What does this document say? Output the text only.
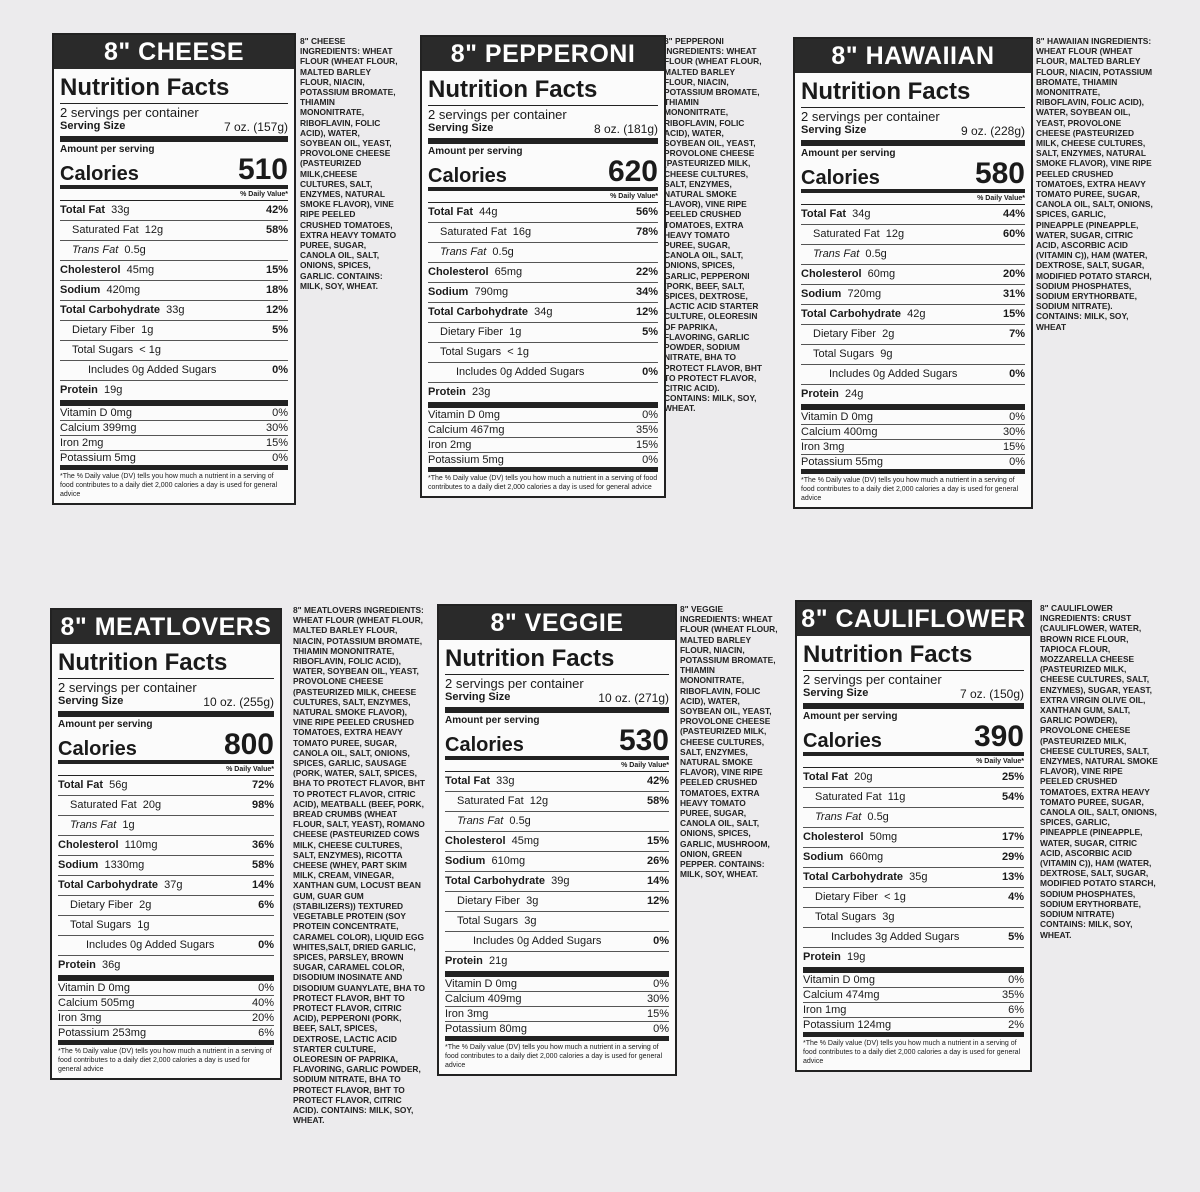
8" CHEESE
Nutrition Facts
2 servings per container
Serving Size	7 oz. (157g)
Amount per serving
Calories	510
% Daily Value*
Total Fat 33g	42%
Saturated Fat 12g	58%
Trans Fat 0.5g
Cholesterol 45mg	15%
Sodium 420mg	18%
Total Carbohydrate 33g	12%
Dietary Fiber 1g	5%
Total Sugars < 1g
Includes 0g Added Sugars	0%
Protein 19g
Vitamin D 0mg	0%
Calcium 399mg	30%
Iron 2mg	15%
Potassium 5mg	0%
*The % Daily value (DV) tells you how much a nutrient in a serving of food contributes to a daily diet 2,000 calories a day is used for general advice
8" CHEESE INGREDIENTS: WHEAT FLOUR (WHEAT FLOUR, MALTED BARLEY FLOUR, NIACIN, POTASSIUM BROMATE, THIAMIN MONONITRATE, RIBOFLAVIN, FOLIC ACID), WATER, SOYBEAN OIL, YEAST, PROVOLONE CHEESE (PASTEURIZED MILK,CHEESE CULTURES, SALT, ENZYMES, NATURAL SMOKE FLAVOR), VINE RIPE PEELED CRUSHED TOMATOES, EXTRA HEAVY TOMATO PUREE, SUGAR, CANOLA OIL, SALT, ONIONS, SPICES, GARLIC. CONTAINS: MILK, SOY, WHEAT.
8" PEPPERONI
Nutrition Facts
2 servings per container
Serving Size	8 oz. (181g)
Amount per serving
Calories	620
% Daily Value*
Total Fat 44g	56%
Saturated Fat 16g	78%
Trans Fat 0.5g
Cholesterol 65mg	22%
Sodium 790mg	34%
Total Carbohydrate 34g	12%
Dietary Fiber 1g	5%
Total Sugars < 1g
Includes 0g Added Sugars	0%
Protein 23g
Vitamin D 0mg	0%
Calcium 467mg	35%
Iron 2mg	15%
Potassium 5mg	0%
*The % Daily value (DV) tells you how much a nutrient in a serving of food contributes to a daily diet 2,000 calories a day is used for general advice
8" PEPPERONI INGREDIENTS: WHEAT FLOUR (WHEAT FLOUR, MALTED BARLEY FLOUR, NIACIN, POTASSIUM BROMATE, THIAMIN MONONITRATE, RIBOFLAVIN, FOLIC ACID), WATER, SOYBEAN OIL, YEAST, PROVOLONE CHEESE (PASTEURIZED MILK, CHEESE CULTURES, SALT, ENZYMES, NATURAL SMOKE FLAVOR), VINE RIPE PEELED CRUSHED TOMATOES, EXTRA HEAVY TOMATO PUREE, SUGAR, CANOLA OIL, SALT, ONIONS, SPICES, GARLIC, PEPPERONI (PORK, BEEF, SALT, SPICES, DEXTROSE, LACTIC ACID STARTER CULTURE, OLEORESIN OF PAPRIKA, FLAVORING, GARLIC POWDER, SODIUM NITRATE, BHA TO PROTECT FLAVOR, BHT TO PROTECT FLAVOR, CITRIC ACID). CONTAINS: MILK, SOY, WHEAT.
8" HAWAIIAN
Nutrition Facts
2 servings per container
Serving Size	9 oz. (228g)
Amount per serving
Calories	580
% Daily Value*
Total Fat 34g	44%
Saturated Fat 12g	60%
Trans Fat 0.5g
Cholesterol 60mg	20%
Sodium 720mg	31%
Total Carbohydrate 42g	15%
Dietary Fiber 2g	7%
Total Sugars 9g
Includes 0g Added Sugars	0%
Protein 24g
Vitamin D 0mg	0%
Calcium 400mg	30%
Iron 3mg	15%
Potassium 55mg	0%
*The % Daily value (DV) tells you how much a nutrient in a serving of food contributes to a daily diet 2,000 calories a day is used for general advice
8" HAWAIIAN INGREDIENTS: WHEAT FLOUR (WHEAT FLOUR, MALTED BARLEY FLOUR, NIACIN, POTASSIUM BROMATE, THIAMIN MONONITRATE, RIBOFLAVIN, FOLIC ACID), WATER, SOYBEAN OIL, YEAST, PROVOLONE CHEESE (PASTEURIZED MILK, CHEESE CULTURES, SALT, ENZYMES, NATURAL SMOKE FLAVOR), VINE RIPE PEELED CRUSHED TOMATOES, EXTRA HEAVY TOMATO PUREE, SUGAR, CANOLA OIL, SALT, ONIONS, SPICES, GARLIC, PINEAPPLE (PINEAPPLE, WATER, SUGAR, CITRIC ACID, ASCORBIC ACID (VITAMIN C)), HAM (WATER, DEXTROSE, SALT, SUGAR, MODIFIED POTATO STARCH, SODIUM PHOSPHATES, SODIUM ERYTHORBATE, SODIUM NITRATE). CONTAINS: MILK, SOY, WHEAT
8" MEATLOVERS
Nutrition Facts
2 servings per container
Serving Size	10 oz. (255g)
Amount per serving
Calories	800
% Daily Value*
Total Fat 56g	72%
Saturated Fat 20g	98%
Trans Fat 1g
Cholesterol 110mg	36%
Sodium 1330mg	58%
Total Carbohydrate 37g	14%
Dietary Fiber 2g	6%
Total Sugars 1g
Includes 0g Added Sugars	0%
Protein 36g
Vitamin D 0mg	0%
Calcium 505mg	40%
Iron 3mg	20%
Potassium 253mg	6%
*The % Daily value (DV) tells you how much a nutrient in a serving of food contributes to a daily diet 2,000 calories a day is used for general advice
8" MEATLOVERS INGREDIENTS: WHEAT FLOUR (WHEAT FLOUR, MALTED BARLEY FLOUR, NIACIN, POTASSIUM BROMATE, THIAMIN MONONITRATE, RIBOFLAVIN, FOLIC ACID), WATER, SOYBEAN OIL, YEAST, PROVOLONE CHEESE (PASTEURIZED MILK, CHEESE CULTURES, SALT, ENZYMES, NATURAL SMOKE FLAVOR), VINE RIPE PEELED CRUSHED TOMATOES, EXTRA HEAVY TOMATO PUREE, SUGAR, CANOLA OIL, SALT, ONIONS, SPICES, GARLIC, SAUSAGE (PORK, WATER, SALT, SPICES, BHA TO PROTECT FLAVOR, BHT TO PROTECT FLAVOR, CITRIC ACID), MEATBALL (BEEF, PORK, BREAD CRUMBS (WHEAT FLOUR, SALT, YEAST), ROMANO CHEESE (PASTEURIZED COWS MILK, CHEESE CULTURES, SALT, ENZYMES), RICOTTA CHEESE (WHEY, PART SKIM MILK, CREAM, VINEGAR, XANTHAN GUM, LOCUST BEAN GUM, GUAR GUM (STABILIZERS)) TEXTURED VEGETABLE PROTEIN (SOY PROTEIN CONCENTRATE, CARAMEL COLOR), LIQUID EGG WHITES,SALT, DRIED GARLIC, SPICES, PARSLEY, BROWN SUGAR, CARAMEL COLOR, DISODIUM INOSINATE AND DISODIUM GUANYLATE, BHA TO PROTECT FLAVOR, BHT TO PROTECT FLAVOR, CITRIC ACID), PEPPERONI (PORK, BEEF, SALT, SPICES, DEXTROSE, LACTIC ACID STARTER CULTURE, OLEORESIN OF PAPRIKA, FLAVORING, GARLIC POWDER, SODIUM NITRATE, BHA TO PROTECT FLAVOR, BHT TO PROTECT FLAVOR, CITRIC ACID). CONTAINS: MILK, SOY, WHEAT.
8" VEGGIE
Nutrition Facts
2 servings per container
Serving Size	10 oz. (271g)
Amount per serving
Calories	530
% Daily Value*
Total Fat 33g	42%
Saturated Fat 12g	58%
Trans Fat 0.5g
Cholesterol 45mg	15%
Sodium 610mg	26%
Total Carbohydrate 39g	14%
Dietary Fiber 3g	12%
Total Sugars 3g
Includes 0g Added Sugars	0%
Protein 21g
Vitamin D 0mg	0%
Calcium 409mg	30%
Iron 3mg	15%
Potassium 80mg	0%
*The % Daily value (DV) tells you how much a nutrient in a serving of food contributes to a daily diet 2,000 calories a day is used for general advice
8" VEGGIE INGREDIENTS: WHEAT FLOUR (WHEAT FLOUR, MALTED BARLEY FLOUR, NIACIN, POTASSIUM BROMATE, THIAMIN MONONITRATE, RIBOFLAVIN, FOLIC ACID), WATER, SOYBEAN OIL, YEAST, PROVOLONE CHEESE (PASTEURIZED MILK, CHEESE CULTURES, SALT, ENZYMES, NATURAL SMOKE FLAVOR), VINE RIPE PEELED CRUSHED TOMATOES, EXTRA HEAVY TOMATO PUREE, SUGAR, CANOLA OIL, SALT, ONIONS, SPICES, GARLIC, MUSHROOM, ONION, GREEN PEPPER. CONTAINS: MILK, SOY, WHEAT.
8" CAULIFLOWER
Nutrition Facts
2 servings per container
Serving Size	7 oz. (150g)
Amount per serving
Calories	390
% Daily Value*
Total Fat 20g	25%
Saturated Fat 11g	54%
Trans Fat 0.5g
Cholesterol 50mg	17%
Sodium 660mg	29%
Total Carbohydrate 35g	13%
Dietary Fiber < 1g	4%
Total Sugars 3g
Includes 3g Added Sugars	5%
Protein 19g
Vitamin D 0mg	0%
Calcium 474mg	35%
Iron 1mg	6%
Potassium 124mg	2%
*The % Daily value (DV) tells you how much a nutrient in a serving of food contributes to a daily diet 2,000 calories a day is used for general advice
8" CAULIFLOWER INGREDIENTS: CRUST (CAULIFLOWER, WATER, BROWN RICE FLOUR, TAPIOCA FLOUR, MOZZARELLA CHEESE (PASTEURIZED MILK, CHEESE CULTURES, SALT, ENZYMES), SUGAR, YEAST, EXTRA VIRGIN OLIVE OIL, XANTHAN GUM, SALT, GARLIC POWDER), PROVOLONE CHEESE (PASTEURIZED MILK, CHEESE CULTURES, SALT, ENZYMES, NATURAL SMOKE FLAVOR), VINE RIPE PEELED CRUSHED TOMATOES, EXTRA HEAVY TOMATO PUREE, SUGAR, CANOLA OIL, SALT, ONIONS, SPICES, GARLIC, PINEAPPLE (PINEAPPLE, WATER, SUGAR, CITRIC ACID, ASCORBIC ACID (VITAMIN C)), HAM (WATER, DEXTROSE, SALT, SUGAR, MODIFIED POTATO STARCH, SODIUM PHOSPHATES, SODIUM ERYTHORBATE, SODIUM NITRATE) CONTAINS: MILK, SOY, WHEAT.
